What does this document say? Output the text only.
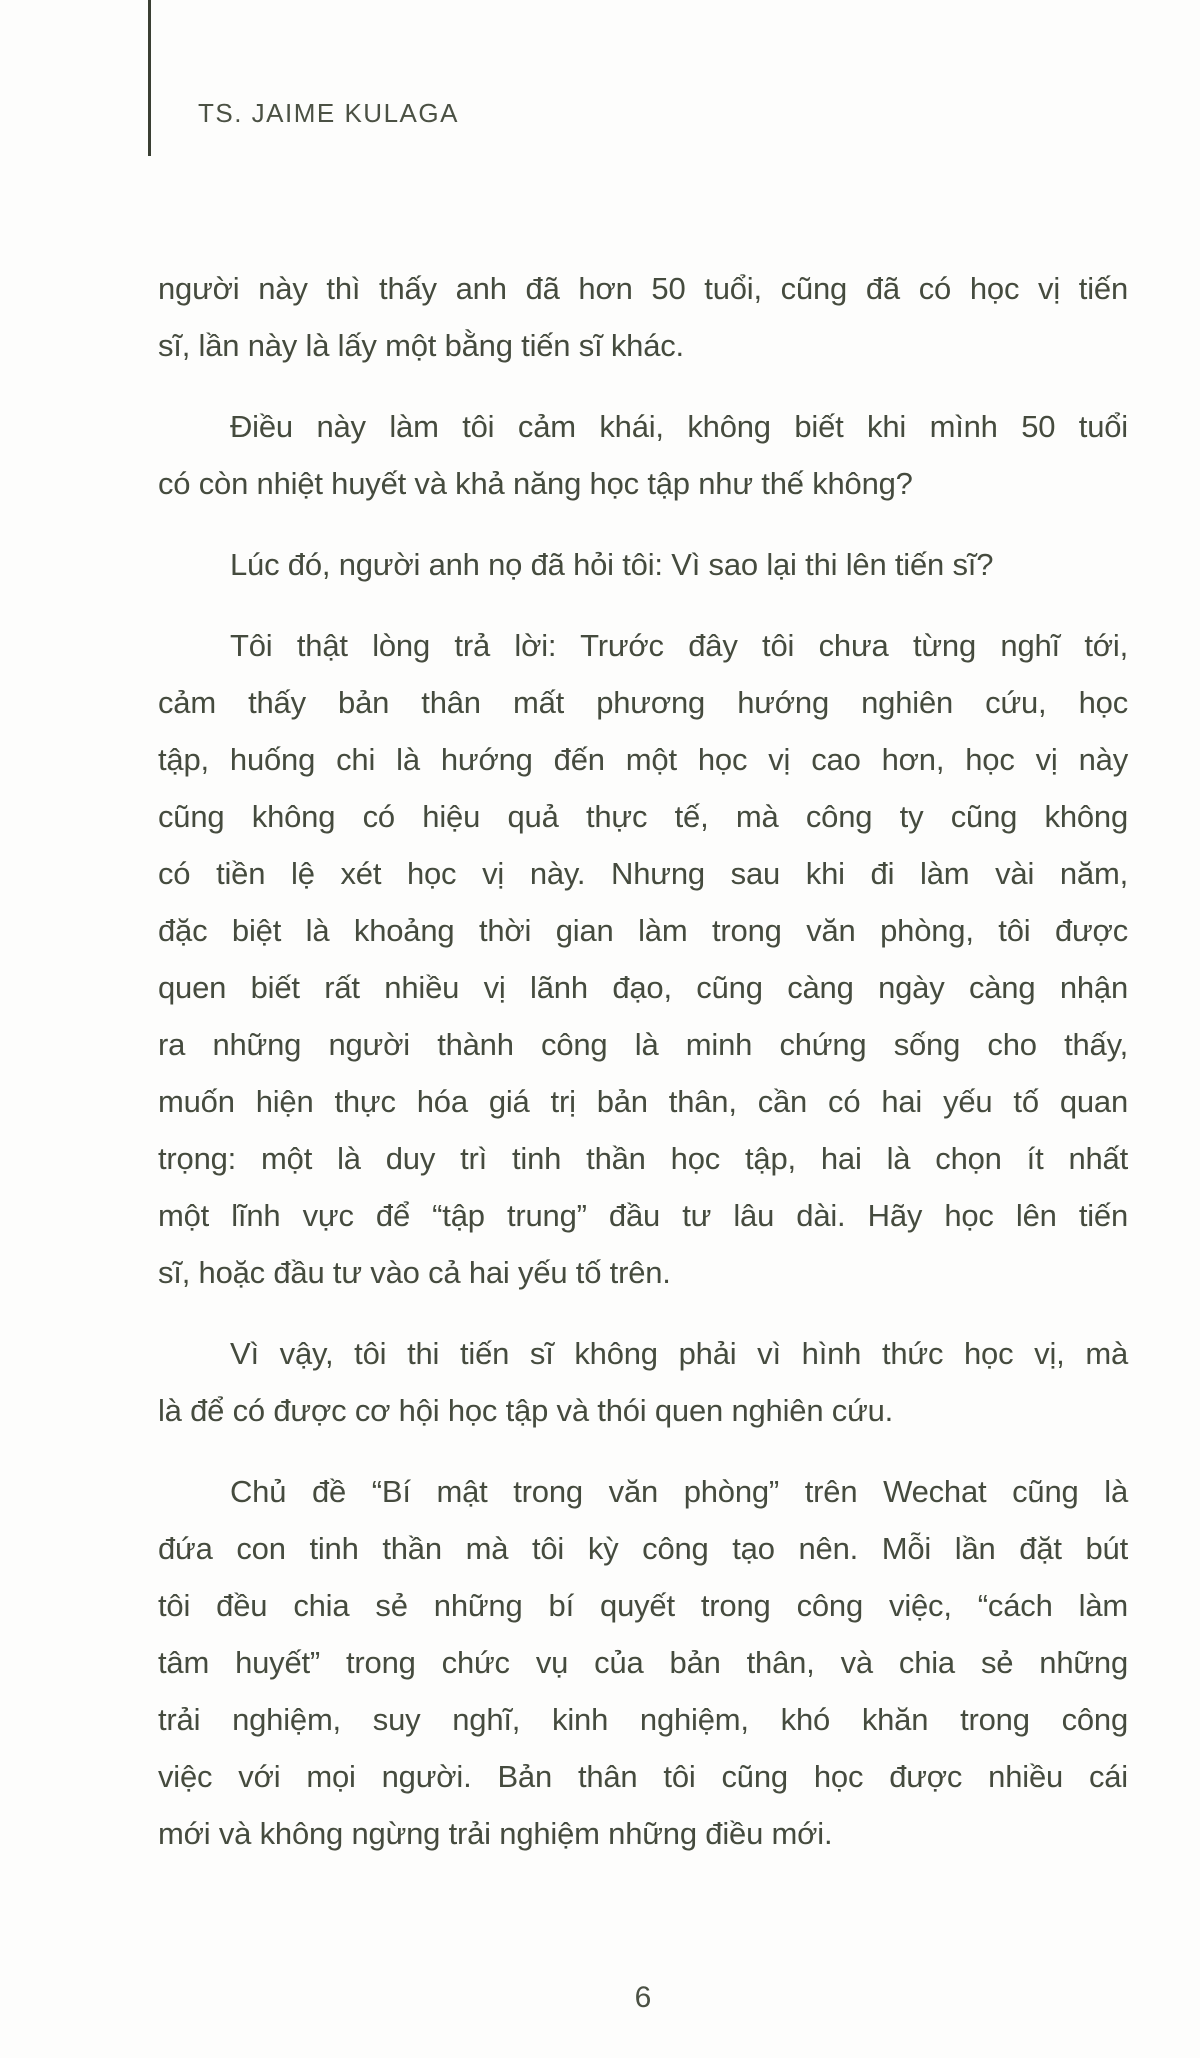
TS. JAIME KULAGA
người này thì thấy anh đã hơn 50 tuổi, cũng đã có học vị tiến
sĩ, lần này là lấy một bằng tiến sĩ khác.
Điều này làm tôi cảm khái, không biết khi mình 50 tuổi
có còn nhiệt huyết và khả năng học tập như thế không?
Lúc đó, người anh nọ đã hỏi tôi: Vì sao lại thi lên tiến sĩ?
Tôi thật lòng trả lời: Trước đây tôi chưa từng nghĩ tới,
cảm thấy bản thân mất phương hướng nghiên cứu, học
tập, huống chi là hướng đến một học vị cao hơn, học vị này
cũng không có hiệu quả thực tế, mà công ty cũng không
có tiền lệ xét học vị này. Nhưng sau khi đi làm vài năm,
đặc biệt là khoảng thời gian làm trong văn phòng, tôi được
quen biết rất nhiều vị lãnh đạo, cũng càng ngày càng nhận
ra những người thành công là minh chứng sống cho thấy,
muốn hiện thực hóa giá trị bản thân, cần có hai yếu tố quan
trọng: một là duy trì tinh thần học tập, hai là chọn ít nhất
một lĩnh vực để “tập trung” đầu tư lâu dài. Hãy học lên tiến
sĩ, hoặc đầu tư vào cả hai yếu tố trên.
Vì vậy, tôi thi tiến sĩ không phải vì hình thức học vị, mà
là để có được cơ hội học tập và thói quen nghiên cứu.
Chủ đề “Bí mật trong văn phòng” trên Wechat cũng là
đứa con tinh thần mà tôi kỳ công tạo nên. Mỗi lần đặt bút
tôi đều chia sẻ những bí quyết trong công việc, “cách làm
tâm huyết” trong chức vụ của bản thân, và chia sẻ những
trải nghiệm, suy nghĩ, kinh nghiệm, khó khăn trong công
việc với mọi người. Bản thân tôi cũng học được nhiều cái
mới và không ngừng trải nghiệm những điều mới.
6
